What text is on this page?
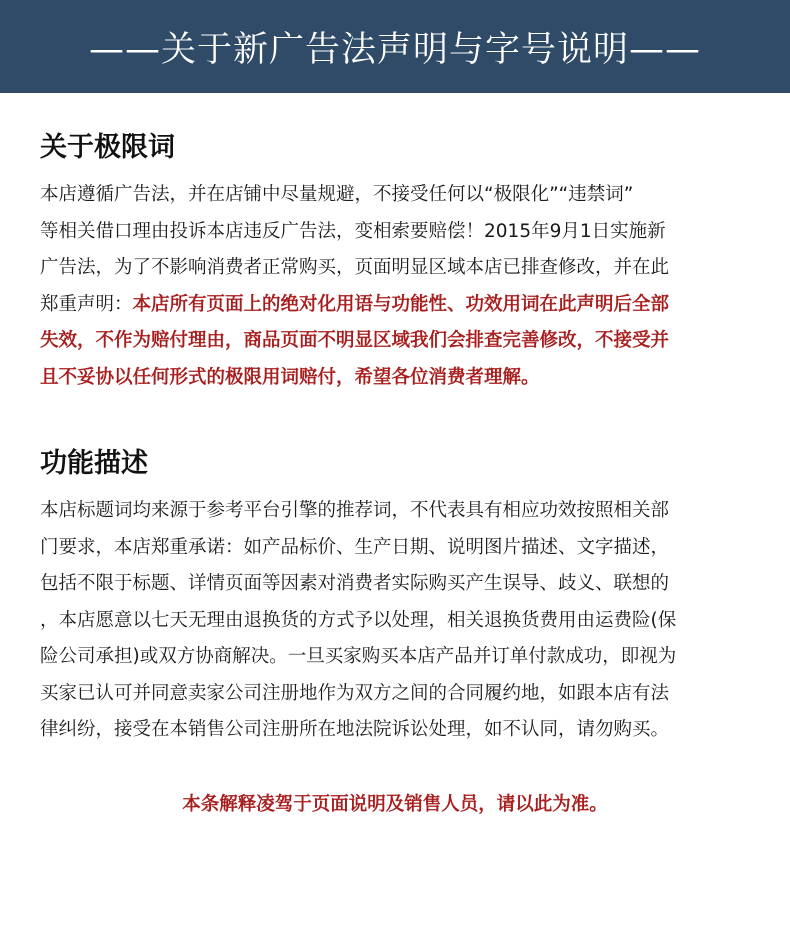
——关于新广告法声明与字号说明——
关于极限词
本店遵循广告法，并在店铺中尽量规避，不接受任何以“极限化”“违禁词”
等相关借口理由投诉本店违反广告法，变相索要赔偿！2015年9月1日实施新
广告法，为了不影响消费者正常购买，页面明显区域本店已排查修改，并在此
郑重声明：本店所有页面上的绝对化用语与功能性、功效用词在此声明后全部
失效，不作为赔付理由，商品页面不明显区域我们会排查完善修改，不接受并
且不妥协以任何形式的极限用词赔付，希望各位消费者理解。
功能描述
本店标题词均来源于参考平台引擎的推荐词，不代表具有相应功效按照相关部
门要求，本店郑重承诺：如产品标价、生产日期、说明图片描述、文字描述，
包括不限于标题、详情页面等因素对消费者实际购买产生误导、歧义、联想的
，本店愿意以七天无理由退换货的方式予以处理，相关退换货费用由运费险(保
险公司承担)或双方协商解决。一旦买家购买本店产品并订单付款成功，即视为
买家已认可并同意卖家公司注册地作为双方之间的合同履约地，如跟本店有法
律纠纷，接受在本销售公司注册所在地法院诉讼处理，如不认同，请勿购买。
本条解释凌驾于页面说明及销售人员，请以此为准。
